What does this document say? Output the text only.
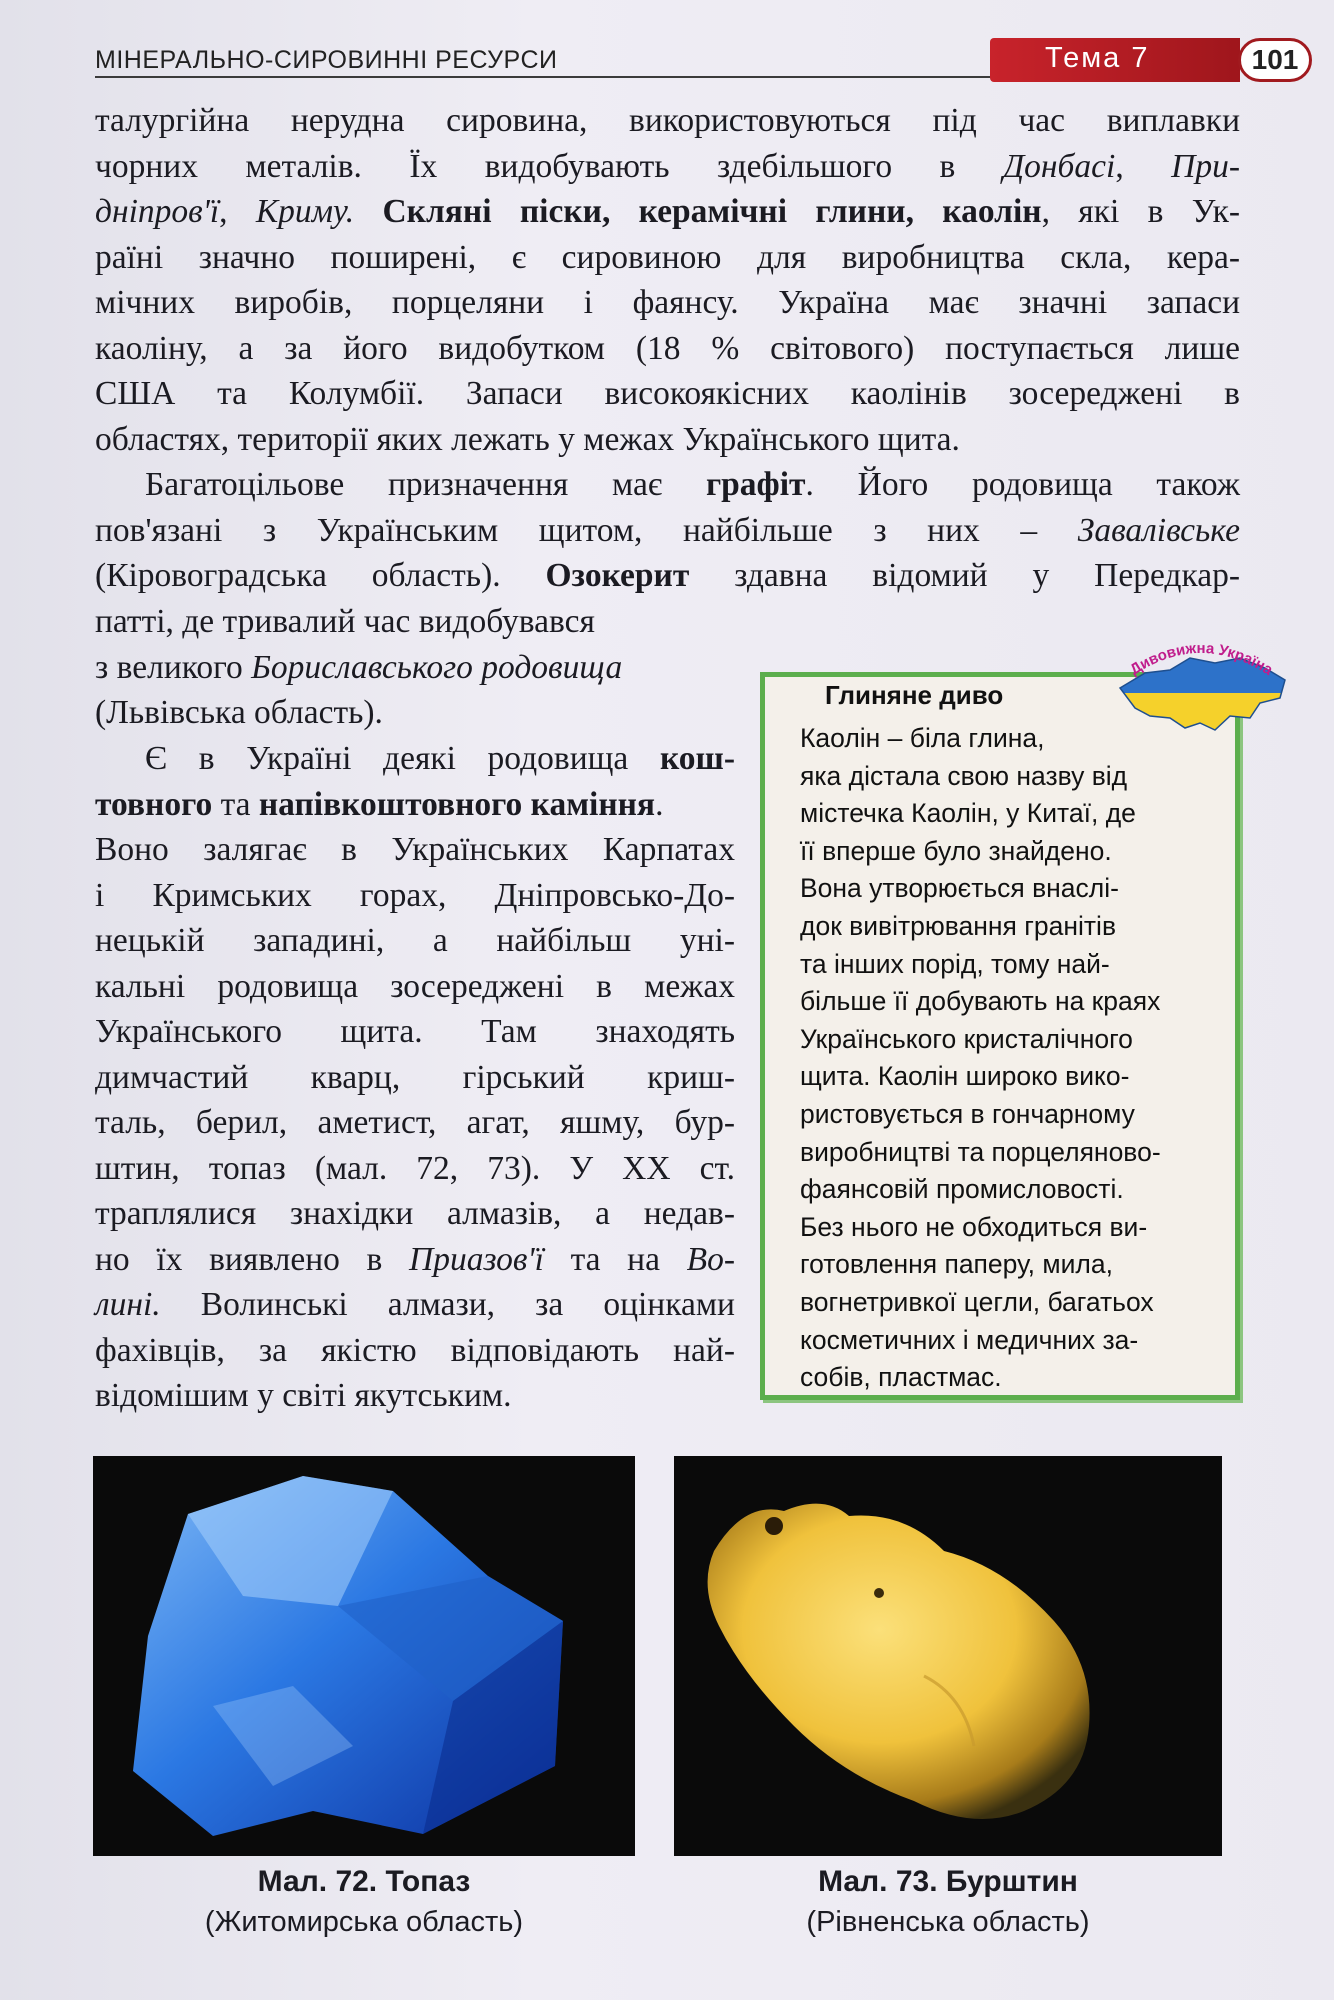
МІНЕРАЛЬНО-СИРОВИННІ РЕСУРСИ	Тема 7	101
талургійна нерудна сировина, використовуються під час виплавки
чорних металів. Їх видобувають здебільшого в Донбасі, При-
дніпров'ї, Криму. Скляні піски, керамічні глини, каолін, які в Ук-
раїні значно поширені, є сировиною для виробництва скла, кера-
мічних виробів, порцеляни і фаянсу. Україна має значні запаси
каоліну, а за його видобутком (18 % світового) поступається лише
США та Колумбії. Запаси високоякісних каолінів зосереджені в
областях, території яких лежать у межах Українського щита.
Багатоцільове призначення має графіт. Його родовища також
пов'язані з Українським щитом, найбільше з них – Завалівське
(Кіровоградська область). Озокерит здавна відомий у Передкар-
патті, де тривалий час видобувався
з великого Бориславського родовища
(Львівська область).
Є в Україні деякі родовища кош-
товного та напівкоштовного каміння.
Воно залягає в Українських Карпатах
і Кримських горах, Дніпровсько-До-
нецькій западині, а найбільш уні-
кальні родовища зосереджені в межах
Українського щита. Там знаходять
димчастий кварц, гірський криш-
таль, берил, аметист, агат, яшму, бур-
штин, топаз (мал. 72, 73). У XX ст.
траплялися знахідки алмазів, а недав-
но їх виявлено в Приазов'ї та на Во-
лині. Волинські алмази, за оцінками
фахівців, за якістю відповідають най-
відомішим у світі якутським.
Глиняне диво
Каолін – біла глина,
яка дістала свою назву від
містечка Каолін, у Китаї, де
її вперше було знайдено.
Вона утворюється внаслі-
док вивітрювання гранітів
та інших порід, тому най-
більше її добувають на краях
Українського кристалічного
щита. Каолін широко вико-
ристовується в гончарному
виробництві та порцеляново-
фаянсовій промисловості.
Без нього не обходиться ви-
готовлення паперу, мила,
вогнетривкої цегли, багатьох
косметичних і медичних за-
собів, пластмас.
Дивовижна Україна
Мал. 72. Топаз
(Житомирська область)
Мал. 73. Бурштин
(Рівненська область)
